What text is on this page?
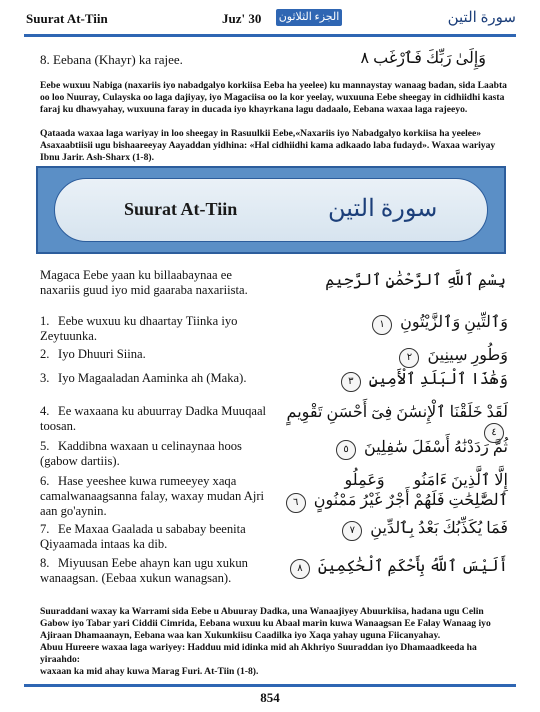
Suurat At-Tiin	Juz' 30 الجزء الثلاثون	سورة التين
8. Eebana (Khayr) ka rajee.	وَإِلَىٰ رَبِّكَ فَٱرْغَب ٨
Eebe wuxuu Nabiga (naxariis iyo nabadgalyo korkiisa Eeba ha yeelee) ku mannaystay wanaag badan, sida Laabta oo loo Nuuray, Culayska oo laga dajiyay, iyo Magaciisa oo la kor yeelay, wuxuuna Eebe sheegay in cidhiidhi kasta faraj ku dhawyahay, wuxuuna faray in ducada iyo khayrkana lagu dadaalo, Eebana waxaa laga rajeeyo.
Qataada waxaa laga wariyay in loo sheegay in Rasuulkii Eebe,«Naxariis iyo Nabadgalyo korkiisa ha yeelee» Asaxaabtiisii ugu bishaareeyay Aayaddan yidhina: «Hal cidhiidhi kama adkaado laba fudayd». Waxaa wariyay Ibnu Jarir. Ash-Sharx (1-8).
Suurat At-Tiin	سورة التين
Magaca Eebe yaan ku billaabaynaa ee naxariis guud iyo mid gaaraba naxariista.
بِسْمِ ٱللَّهِ ٱلرَّحْمَٰنِ ٱلرَّحِيمِ
1. Eebe wuxuu ku dhaartay Tiinka iyo Zeytuunka.
وَٱلتِّينِ وَٱلزَّيْتُونِ ١
2. Iyo Dhuuri Siina.	وَطُورِ سِينِينَ ٢
3. Iyo Magaaladan Aaminka ah (Maka).	وَهَٰذَا ٱلْبَلَدِ ٱلْأَمِينِ ٣
4. Ee waxaana ku abuurray Dadka Muuqaal toosan.
لَقَدْ خَلَقْنَا ٱلْإِنسَٰنَ فِىٓ أَحْسَنِ تَقْوِيمٍ ٤
5. Kaddibna waxaan u celinaynaa hoos (gabow dartiis).
ثُمَّ رَدَدْنَٰهُ أَسْفَلَ سَٰفِلِينَ ٥
6. Hase yeeshee kuwa rumeeyey xaqa camalwanaagsanna falay, waxay mudan Ajri aan go'aynin.
إِلَّا ٱلَّذِينَ ءَامَنُوا۟ وَعَمِلُوا۟ ٱلصَّٰلِحَٰتِ فَلَهُمْ أَجْرٌ غَيْرُ مَمْنُونٍ ٦
7. Ee Maxaa Gaalada u sababay beenita Qiyaamada intaas ka dib.
فَمَا يُكَذِّبُكَ بَعْدُ بِٱلدِّينِ ٧
8. Miyuusan Eebe ahayn kan ugu xukun wanaagsan. (Eebaa xukun wanagsan).
أَلَيْسَ ٱللَّهُ بِأَحْكَمِ ٱلْحَٰكِمِينَ ٨
Suuraddani waxay ka Warrami sida Eebe u Abuuray Dadka, una Wanaajiyey Abuurkiisa, hadana ugu Celin Gabow iyo Tabar yari Ciddii Cimrida, Eebana wuxuu ku Abaal marin kuwa Wanaagsan Ee Falay Wanaag iyo Ajiraan Dhamaanayn, Eebana waa kan Xukunkiisu Caadilka iyo Xaqa yahay uguna Fiicanyahay.
Abuu Hureere waxaa laga wariyey: Hadduu mid idinka mid ah Akhriyo Suuraddan iyo Dhamaadkeeda ha yiraahdo:
waxaan ka mid ahay kuwa Marag Furi. At-Tiin (1-8).
854
